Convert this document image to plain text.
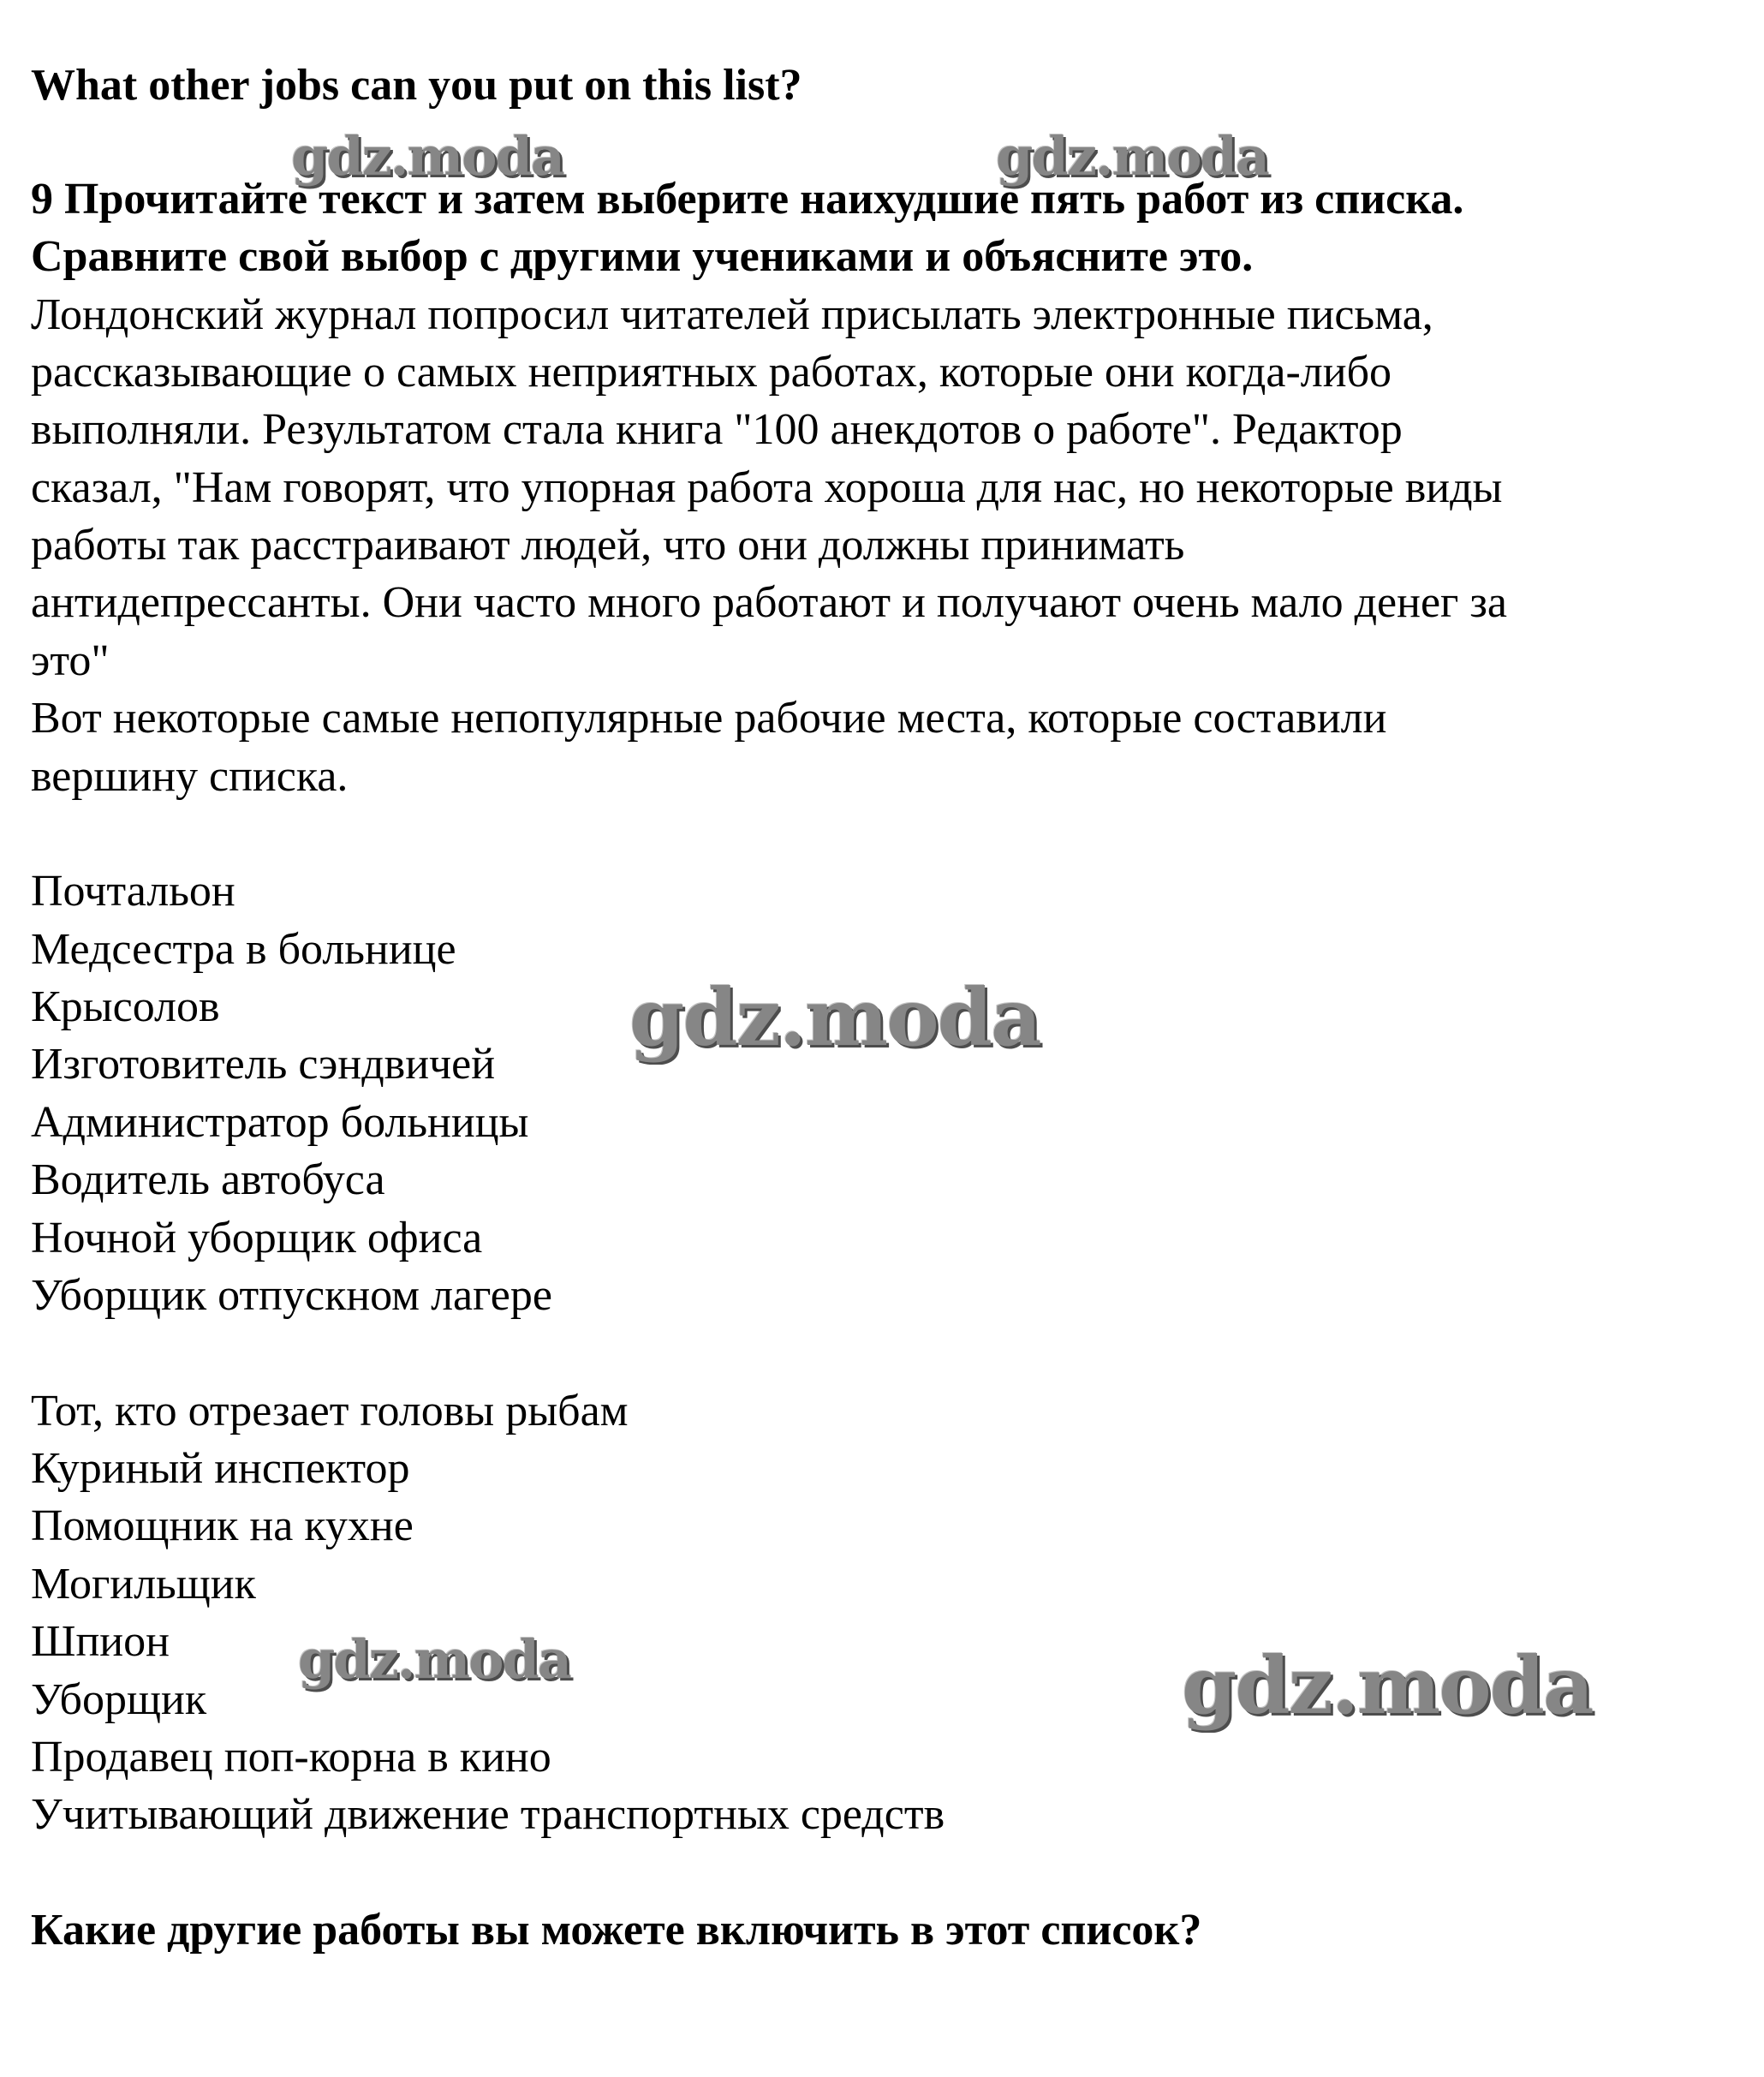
What other jobs can you put on this list?
9 Прочитайте текст и затем выберите наихудшие пять работ из списка.
Сравните свой выбор с другими учениками и объясните это.
Лондонский журнал попросил читателей присылать электронные письма,
рассказывающие о самых неприятных работах, которые они когда-либо
выполняли. Результатом стала книга "100 анекдотов о работе". Редактор
сказал, "Нам говорят, что упорная работа хороша для нас, но некоторые виды
работы так расстраивают людей, что они должны принимать
антидепрессанты. Они часто много работают и получают очень мало денег за
это"
Вот некоторые самые непопулярные рабочие места, которые составили
вершину списка.
Почтальон
Медсестра в больнице
Крысолов
Изготовитель сэндвичей
Администратор больницы
Водитель автобуса
Ночной уборщик офиса
Уборщик отпускном лагере
Тот, кто отрезает головы рыбам
Куриный инспектор
Помощник на кухне
Могильщик
Шпион
Уборщик
Продавец поп-корна в кино
Учитывающий движение транспортных средств
Какие другие работы вы можете включить в этот список?
gdz.moda	gdz.moda
gdz.moda
gdz.moda	gdz.moda
